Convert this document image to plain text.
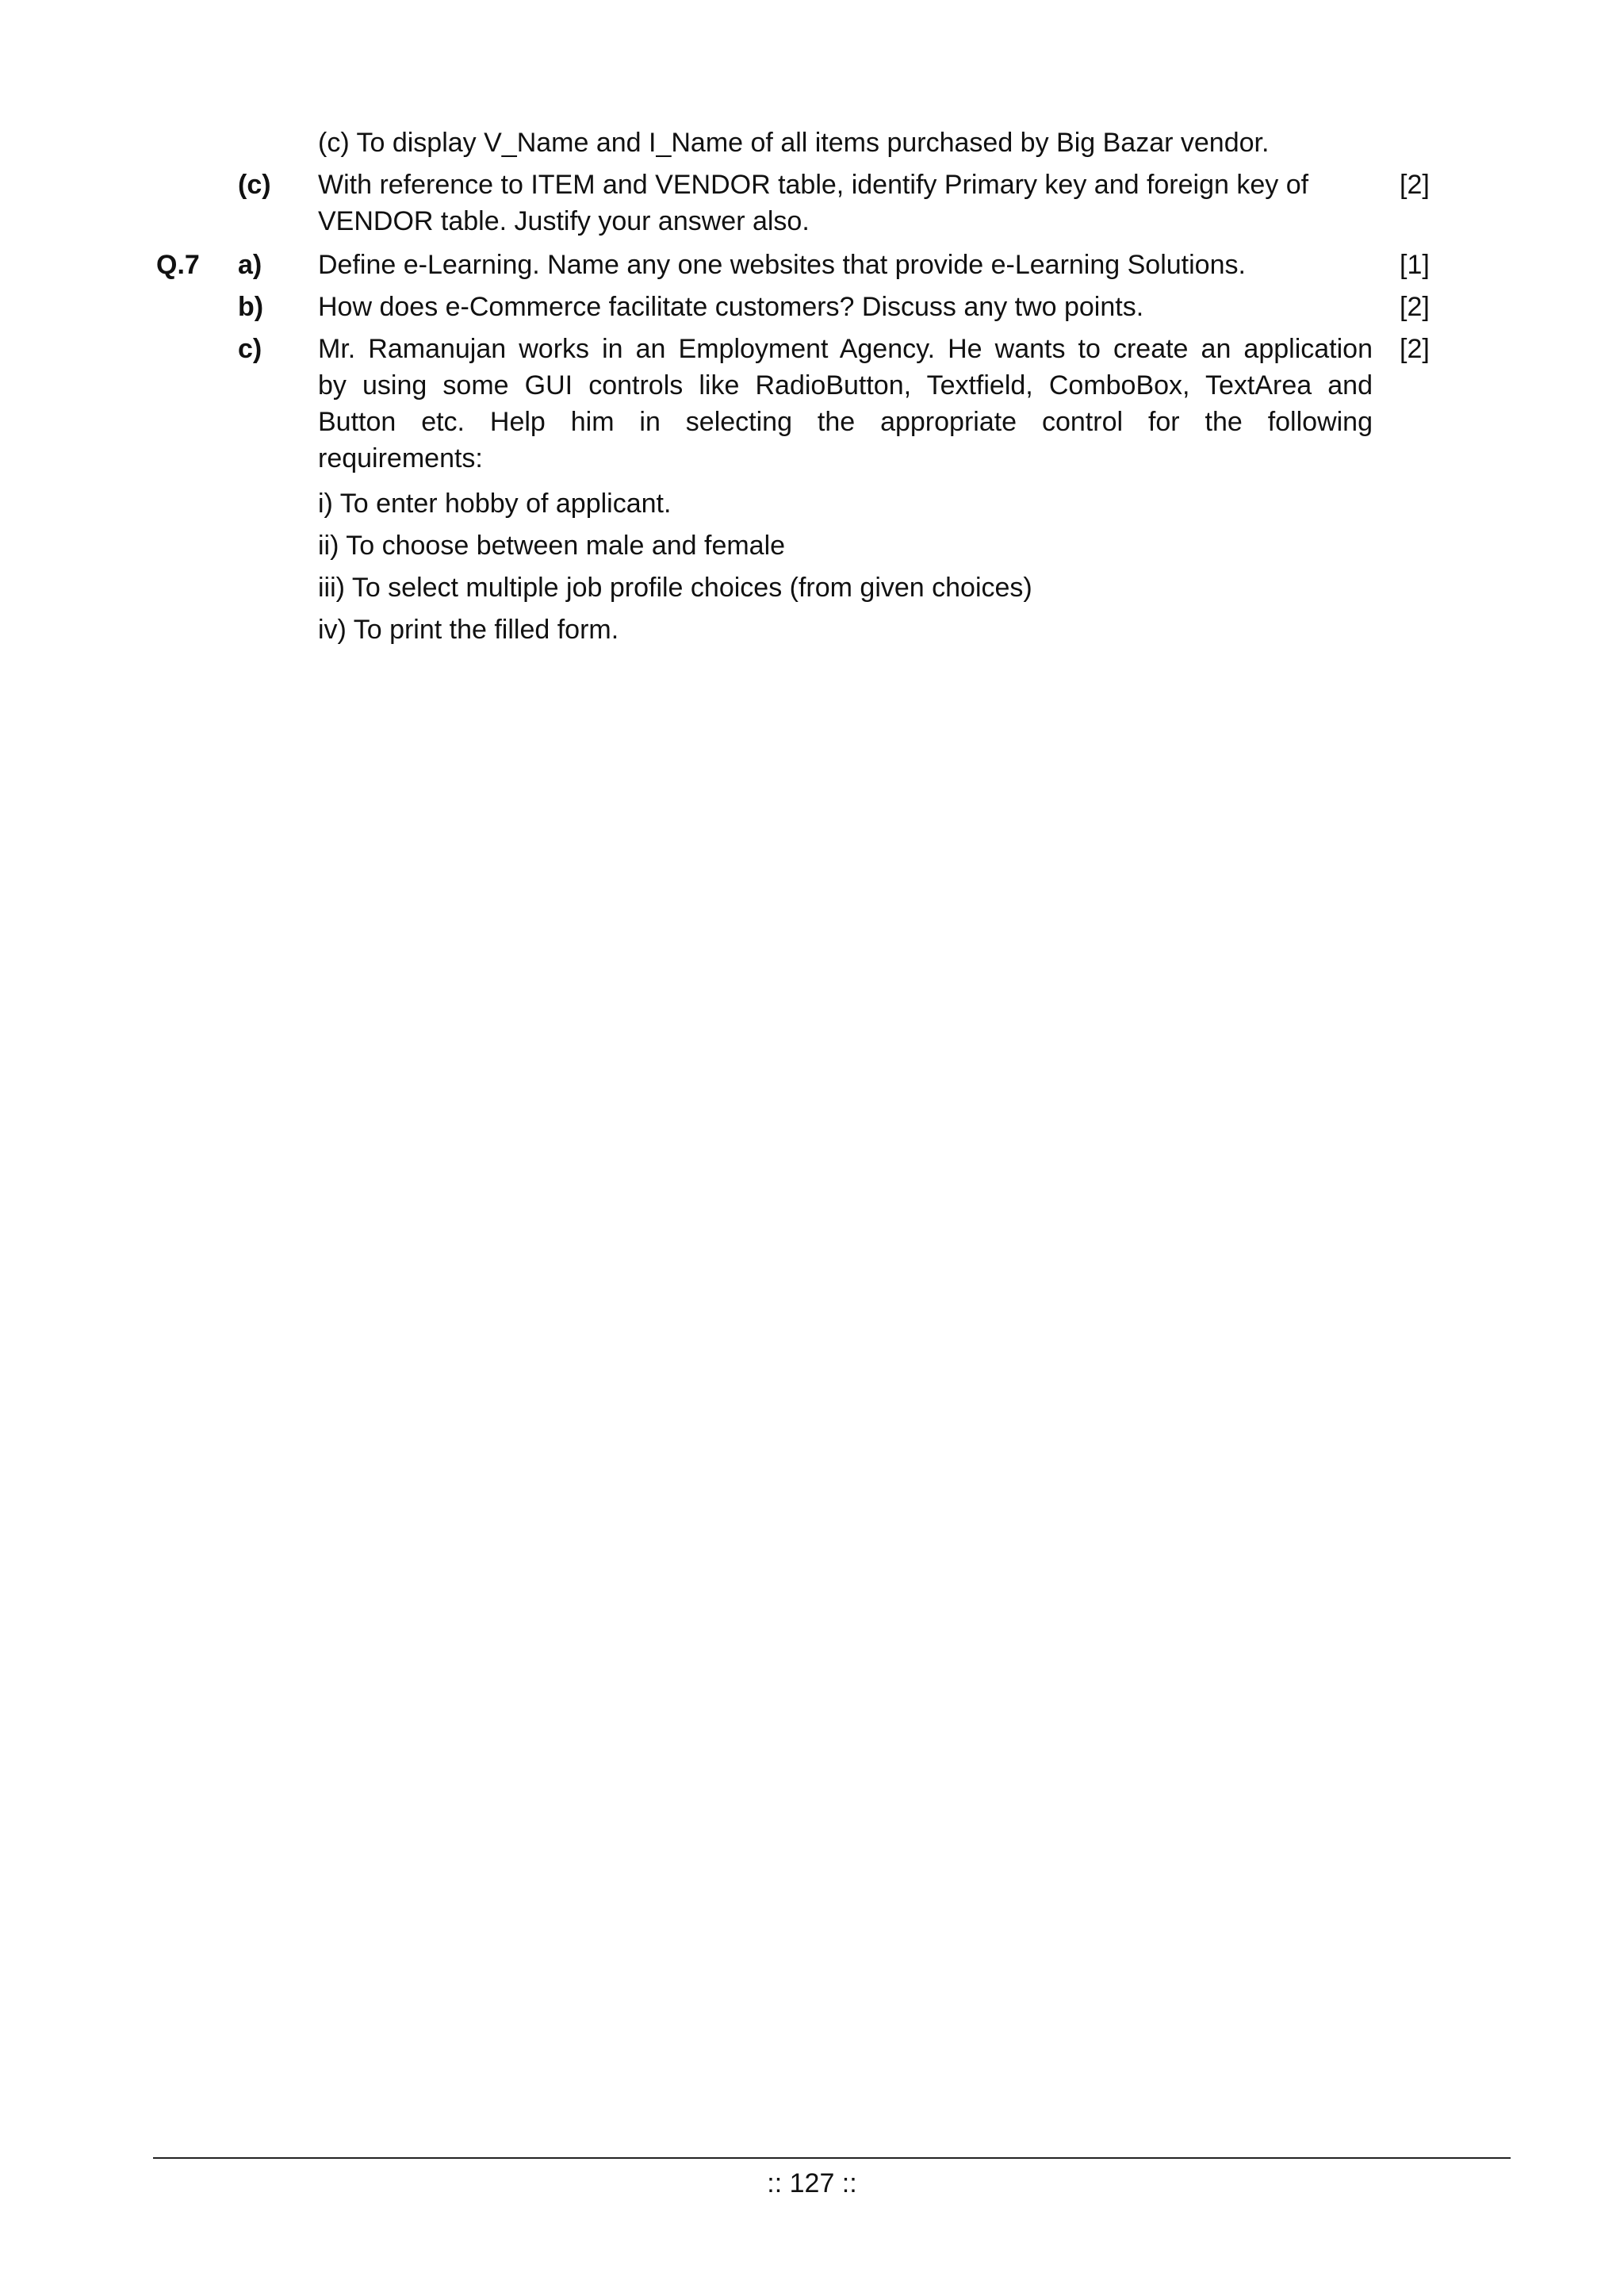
(c) To display V_Name and I_Name of all items purchased by Big Bazar vendor.
(c) With reference to ITEM and VENDOR table, identify Primary key and foreign key of
VENDOR table. Justify your answer also.
[2]
Q.7 a) Define e-Learning. Name any one websites that provide e-Learning Solutions.	[1]
b) How does e-Commerce facilitate customers? Discuss any two points.	[2]
c) Mr. Ramanujan works in an Employment Agency. He wants to create an application
by using some GUI controls like RadioButton, Textfield, ComboBox, TextArea and
Button etc. Help him in selecting the appropriate control for the following
requirements:
[2]
i) To enter hobby of applicant.
ii) To choose between male and female
iii) To select multiple job profile choices (from given choices)
iv) To print the filled form.
:: 127 ::
